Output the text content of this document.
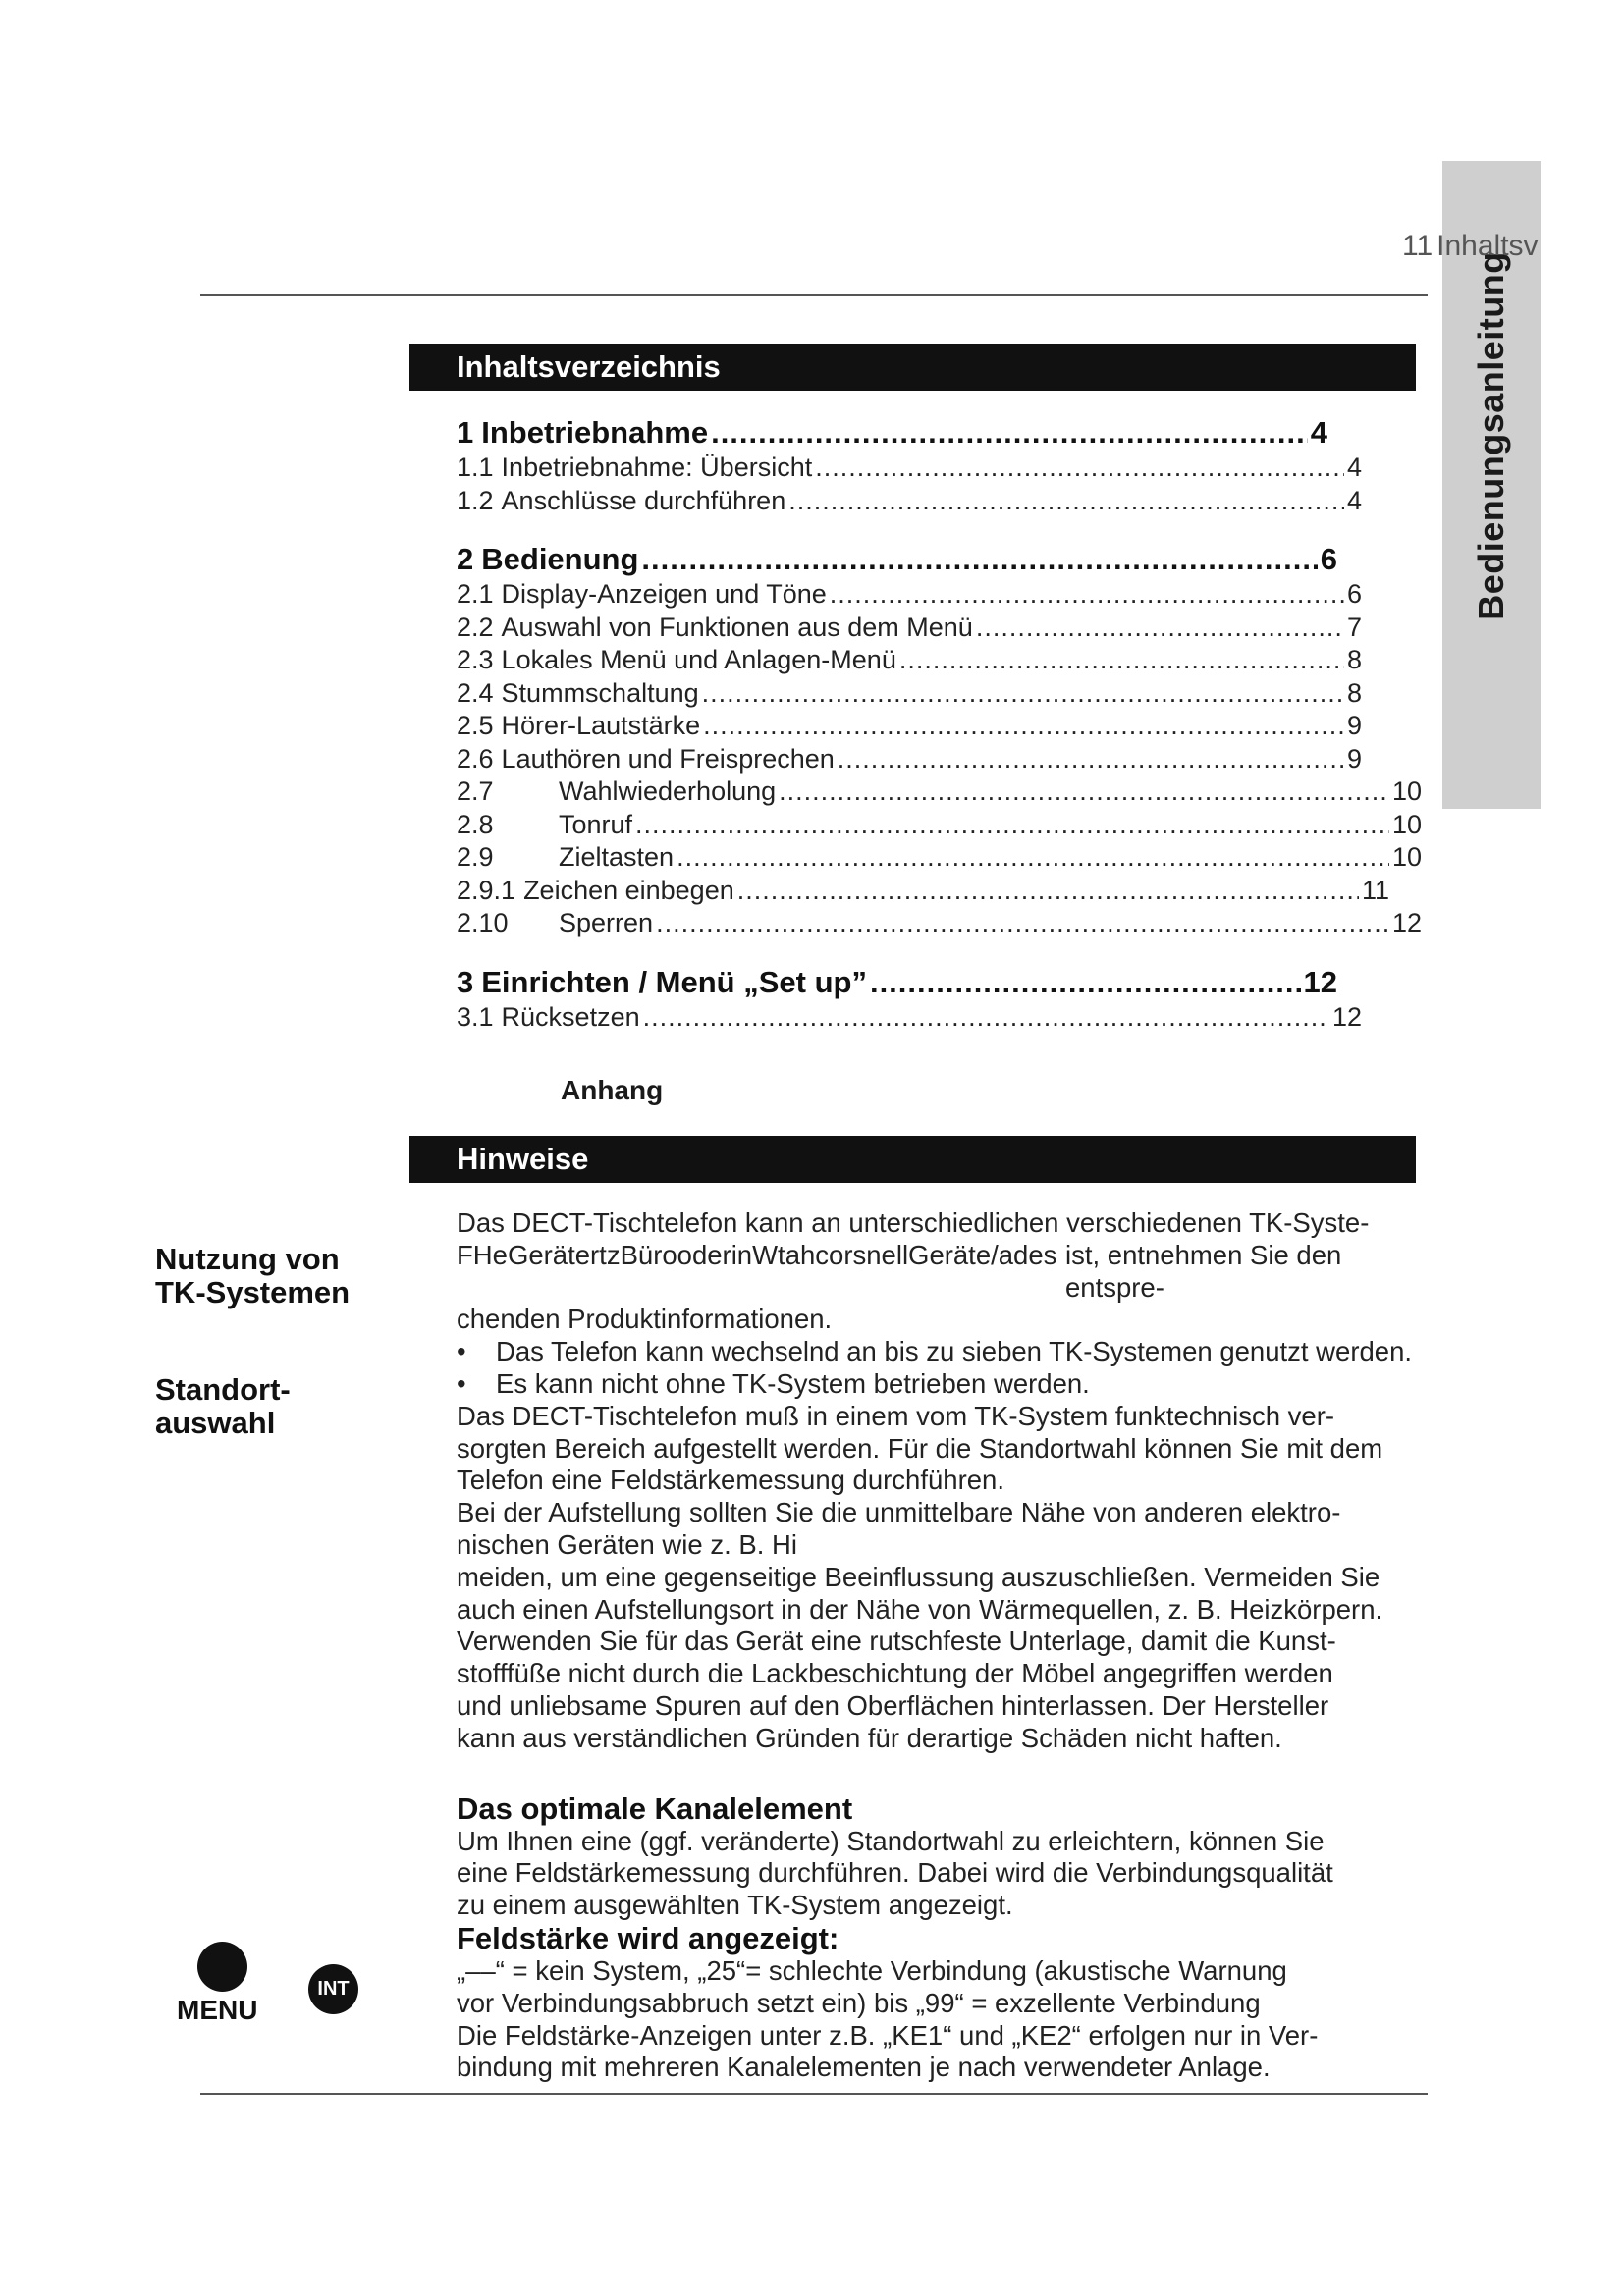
Bedienungsanleitung
11 Inhaltsv
Inhaltsverzeichnis
1 Inbetriebnahme .....	4
1.1 Inbetriebnahme: Übersicht .....	4
1.2 Anschlüsse durchführen .....	4
2 Bedienung .....	6
2.1 Display-Anzeigen und Töne .....	6
2.2 Auswahl von Funktionen aus dem Menü .....	7
2.3 Lokales Menü und Anlagen-Menü .....	8
2.4 Stummschaltung .....	8
2.5 Hörer-Lautstärke .....	9
2.6 Lauthören und Freisprechen .....	9
2.7	Wahlwiederholung .....	10
2.8	Tonruf .....	10
2.9	Zieltasten .....	10
2.9.1 Zeichen einbegen .....	11
2.10	Sperren .....	12
3 Einrichten / Menü „Set up” .....	12
3.1 Rücksetzen .....	12
Anhang
Hinweise
Nutzung von
TK-Systemen
Standort-
auswahl

Das DECT-Tischtelefon kann an unterschiedlichen verschiedenen TK-Syste-

ist, entnehmen Sie den entspre-

chenden Produktinformationen.

• Das Telefon kann wechselnd an bis zu sieben TK-Systemen genutzt werden.

• Es kann nicht ohne TK-System betrieben werden.

Das DECT-Tischtelefon muß in einem vom TK-System funktechnisch ver-

sorgten Bereich aufgestellt werden. Für die Standortwahl können Sie mit dem

Telefon eine Feldstärkemessung durchführen.

Bei der Aufstellung sollten Sie die unmittelbare Nähe von anderen elektro-

nischen Geräten wie z. B. Hi

meiden, um eine gegenseitige Beeinflussung auszuschließen. Vermeiden Sie

auch einen Aufstellungsort in der Nähe von Wärmequellen, z. B. Heizkörpern.

Verwenden Sie für das Gerät eine rutschfeste Unterlage, damit die Kunst-

stofffüße nicht durch die Lackbeschichtung der Möbel angegriffen werden

und unliebsame Spuren auf den Oberflächen hinterlassen. Der Hersteller

kann aus verständlichen Gründen für derartige Schäden nicht haften.

Das optimale Kanalelement

Um Ihnen eine (ggf. veränderte) Standortwahl zu erleichtern, können Sie

eine Feldstärkemessung durchführen. Dabei wird die Verbindungsqualität

zu einem ausgewählten TK-System angezeigt.

Feldstärke wird angezeigt:

„‒‒“ = kein System, „25“= schlechte Verbindung (akustische Warnung

vor Verbindungsabbruch setzt ein) bis „99“ = exzellente Verbindung

Die Feldstärke-Anzeigen unter z.B. „KE1“ und „KE2“ erfolgen nur in Ver-

bindung mit mehreren Kanalelementen je nach verwendeter Anlage.

FHeGerätertzBürooderinWtahcorsnellGeräte/ades
MENU
INT
